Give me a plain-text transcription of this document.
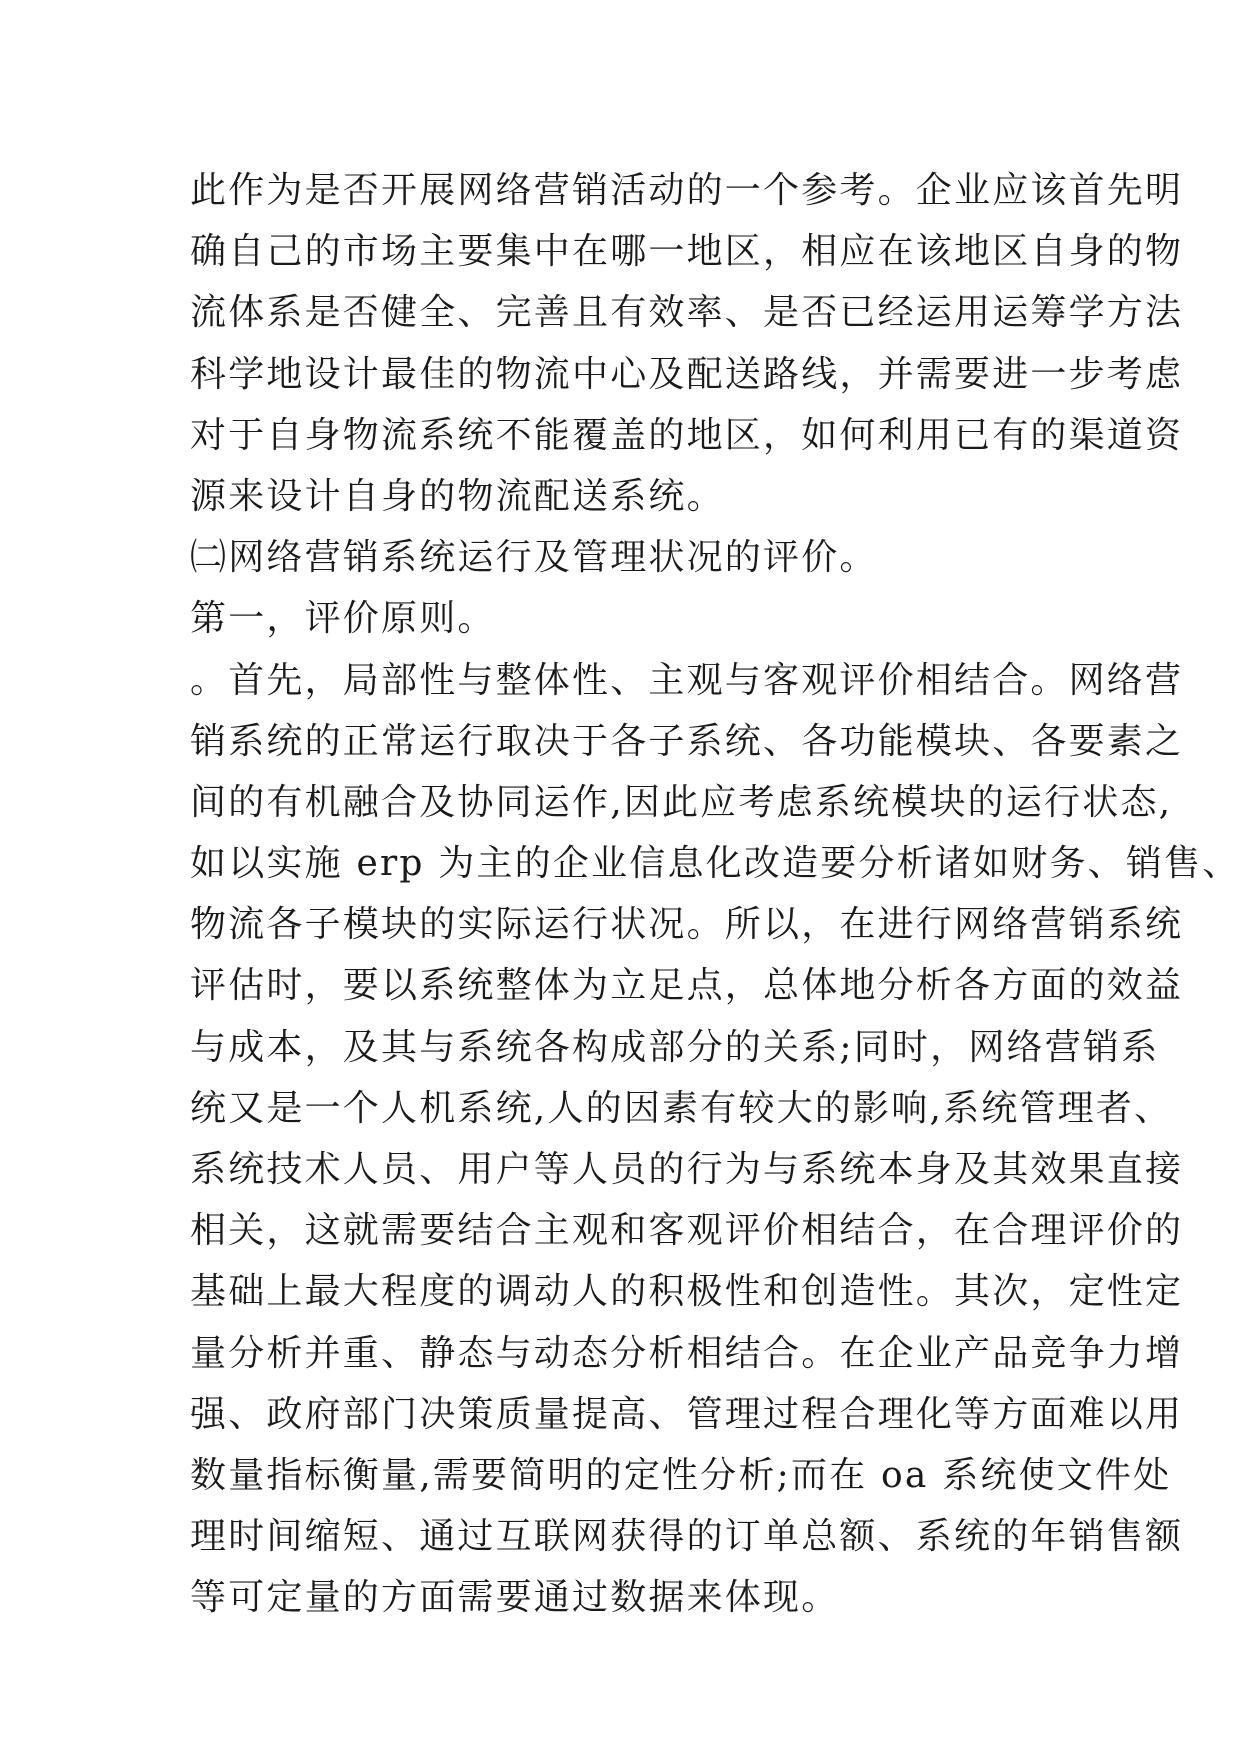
此作为是否开展网络营销活动的一个参考。企业应该首先明
确自己的市场主要集中在哪一地区，相应在该地区自身的物
流体系是否健全、完善且有效率、是否已经运用运筹学方法
科学地设计最佳的物流中心及配送路线，并需要进一步考虑
对于自身物流系统不能覆盖的地区，如何利用已有的渠道资
源来设计自身的物流配送系统。
㈡网络营销系统运行及管理状况的评价。
第一，评价原则。
。首先，局部性与整体性、主观与客观评价相结合。网络营
销系统的正常运行取决于各子系统、各功能模块、各要素之
间的有机融合及协同运作,因此应考虑系统模块的运行状态,
如以实施 erp 为主的企业信息化改造要分析诸如财务、销售、
物流各子模块的实际运行状况。所以，在进行网络营销系统
评估时，要以系统整体为立足点，总体地分析各方面的效益
与成本，及其与系统各构成部分的关系;同时，网络营销系
统又是一个人机系统,人的因素有较大的影响,系统管理者、
系统技术人员、用户等人员的行为与系统本身及其效果直接
相关，这就需要结合主观和客观评价相结合，在合理评价的
基础上最大程度的调动人的积极性和创造性。其次，定性定
量分析并重、静态与动态分析相结合。在企业产品竞争力增
强、政府部门决策质量提高、管理过程合理化等方面难以用
数量指标衡量,需要简明的定性分析;而在 oa 系统使文件处
理时间缩短、通过互联网获得的订单总额、系统的年销售额
等可定量的方面需要通过数据来体现。
